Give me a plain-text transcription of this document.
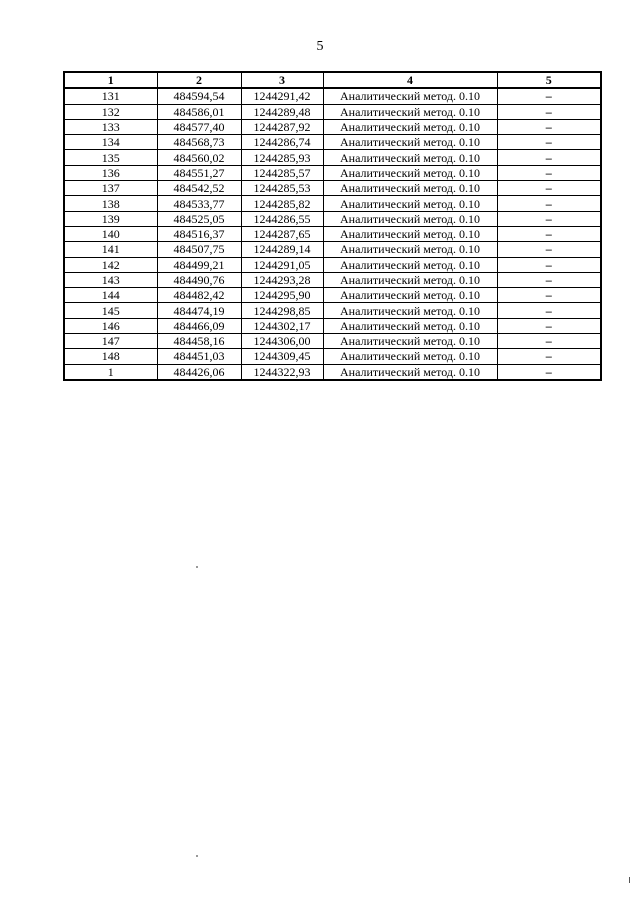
5
1	2	3	4	5
131	484594,54	1244291,42	Аналитический метод. 0.10	–
132	484586,01	1244289,48	Аналитический метод. 0.10	–
133	484577,40	1244287,92	Аналитический метод. 0.10	–
134	484568,73	1244286,74	Аналитический метод. 0.10	–
135	484560,02	1244285,93	Аналитический метод. 0.10	–
136	484551,27	1244285,57	Аналитический метод. 0.10	–
137	484542,52	1244285,53	Аналитический метод. 0.10	–
138	484533,77	1244285,82	Аналитический метод. 0.10	–
139	484525,05	1244286,55	Аналитический метод. 0.10	–
140	484516,37	1244287,65	Аналитический метод. 0.10	–
141	484507,75	1244289,14	Аналитический метод. 0.10	–
142	484499,21	1244291,05	Аналитический метод. 0.10	–
143	484490,76	1244293,28	Аналитический метод. 0.10	–
144	484482,42	1244295,90	Аналитический метод. 0.10	–
145	484474,19	1244298,85	Аналитический метод. 0.10	–
146	484466,09	1244302,17	Аналитический метод. 0.10	–
147	484458,16	1244306,00	Аналитический метод. 0.10	–
148	484451,03	1244309,45	Аналитический метод. 0.10	–
1	484426,06	1244322,93	Аналитический метод. 0.10	–
